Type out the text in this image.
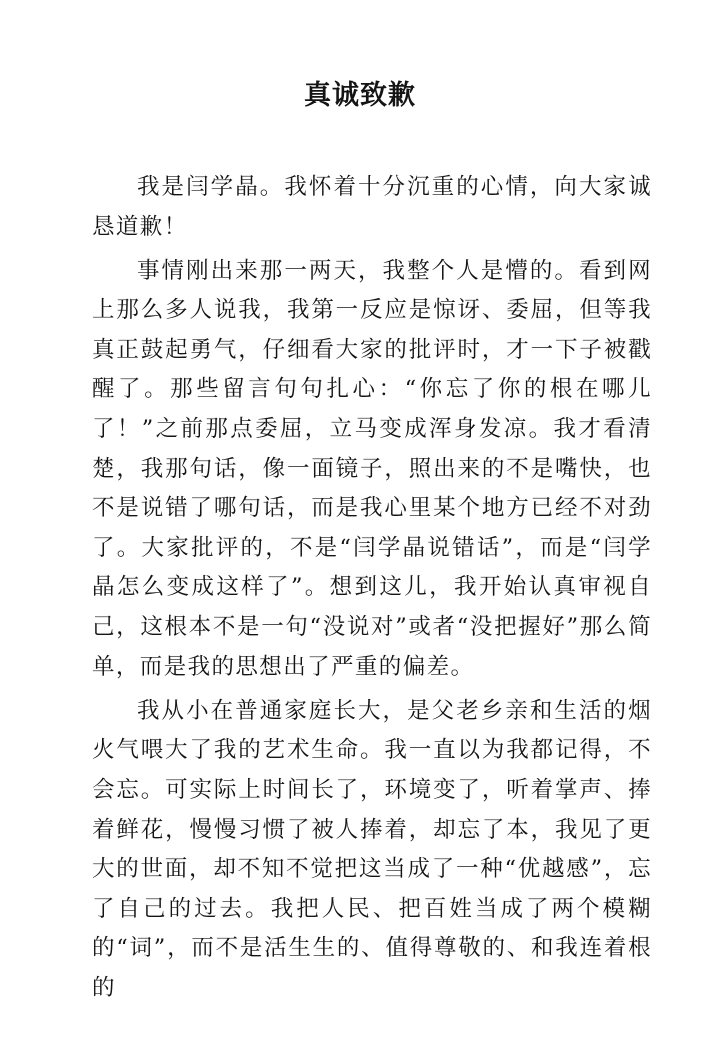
真诚致歉

我是闫学晶。我怀着十分沉重的心情，向大家诚恳道歉！

事情刚出来那一两天，我整个人是懵的。看到网上那么多人说我，我第一反应是惊讶、委屈，但等我真正鼓起勇气，仔细看大家的批评时，才一下子被戳醒了。那些留言句句扎心：“你忘了你的根在哪儿了！”之前那点委屈，立马变成浑身发凉。我才看清楚，我那句话，像一面镜子，照出来的不是嘴快，也不是说错了哪句话，而是我心里某个地方已经不对劲了。大家批评的，不是“闫学晶说错话”，而是“闫学晶怎么变成这样了”。想到这儿，我开始认真审视自己，这根本不是一句“没说对”或者“没把握好”那么简单，而是我的思想出了严重的偏差。

我从小在普通家庭长大，是父老乡亲和生活的烟火气喂大了我的艺术生命。我一直以为我都记得，不会忘。可实际上时间长了，环境变了，听着掌声、捧着鲜花，慢慢习惯了被人捧着，却忘了本，我见了更大的世面，却不知不觉把这当成了一种“优越感”，忘了自己的过去。我把人民、把百姓当成了两个模糊的“词”，而不是活生生的、值得尊敬的、和我连着根的
